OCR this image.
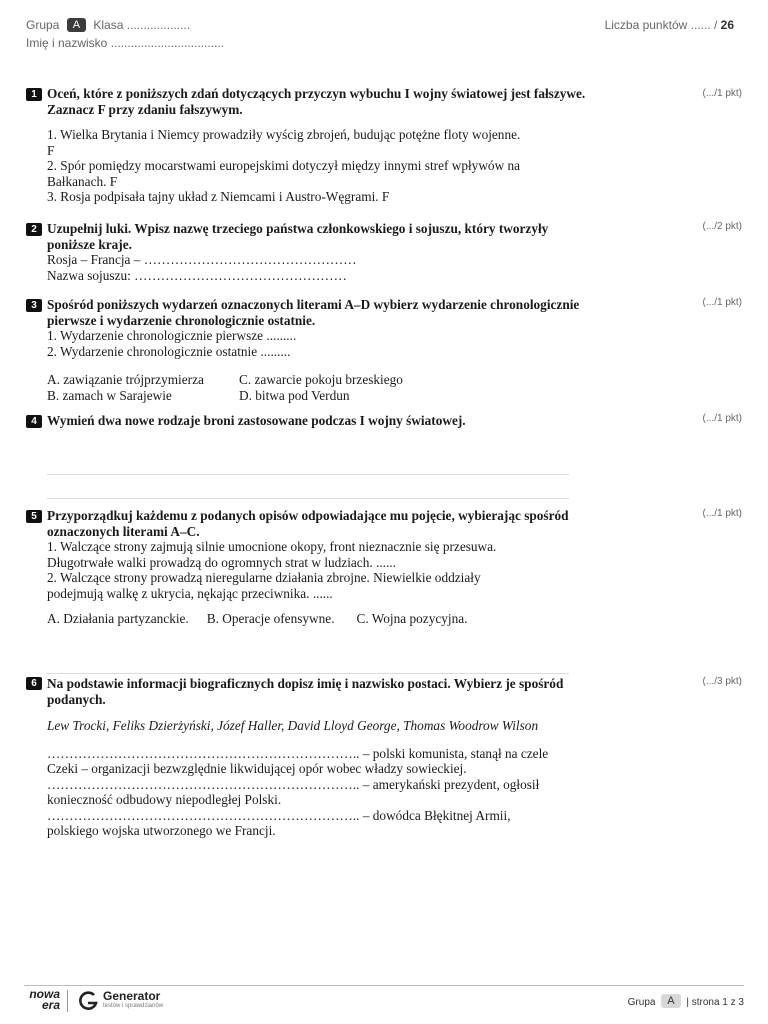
Grupa A Klasa ...................
Imię i nazwisko ..................................
Liczba punktów ...... / 26
1	(.../1 pkt)
Oceń, które z poniższych zdań dotyczących przyczyn wybuchu I wojny światowej jest fałszywe. Zaznacz F przy zdaniu fałszywym.
1. Wielka Brytania i Niemcy prowadziły wyścig zbrojeń, budując potężne floty wojenne.
F
2. Spór pomiędzy mocarstwami europejskimi dotyczył między innymi stref wpływów na
Bałkanach. F
3. Rosja podpisała tajny układ z Niemcami i Austro-Węgrami. F
2	(.../2 pkt)
Uzupełnij luki. Wpisz nazwę trzeciego państwa członkowskiego i sojuszu, który tworzyły poniższe kraje.
Rosja – Francja – …………………………………………
Nazwa sojuszu: …………………………………………
3	(.../1 pkt)
Spośród poniższych wydarzeń oznaczonych literami A–D wybierz wydarzenie chronologicznie pierwsze i wydarzenie chronologicznie ostatnie.
1. Wydarzenie chronologicznie pierwsze .........
2. Wydarzenie chronologicznie ostatnie .........
A. zawiązanie trójprzymierza	C. zawarcie pokoju brzeskiego
B. zamach w Sarajewie	D. bitwa pod Verdun
4	(.../1 pkt)
Wymień dwa nowe rodzaje broni zastosowane podczas I wojny światowej.
5	(.../1 pkt)
Przyporządkuj każdemu z podanych opisów odpowiadające mu pojęcie, wybierając spośród oznaczonych literami A–C.
1. Walczące strony zajmują silnie umocnione okopy, front nieznacznie się przesuwa.
Długotrwałe walki prowadzą do ogromnych strat w ludziach. ......
2. Walczące strony prowadzą nieregularne działania zbrojne. Niewielkie oddziały
podejmują walkę z ukrycia, nękając przeciwnika. ......
A. Działania partyzanckie. B. Operacje ofensywne. C. Wojna pozycyjna.
6	(.../3 pkt)
Na podstawie informacji biograficznych dopisz imię i nazwisko postaci. Wybierz je spośród podanych.
Lew Trocki, Feliks Dzierżyński, Józef Haller, David Lloyd George, Thomas Woodrow Wilson
…………………………………………………………….. – polski komunista, stanął na czele
Czeki – organizacji bezwzględnie likwidującej opór wobec władzy sowieckiej.
…………………………………………………………….. – amerykański prezydent, ogłosił
konieczność odbudowy niepodległej Polski.
…………………………………………………………….. – dowódca Błękitnej Armii,
polskiego wojska utworzonego we Francji.
nowa
era
Generator
testów i sprawdzianów	Grupa A | strona 1 z 3
